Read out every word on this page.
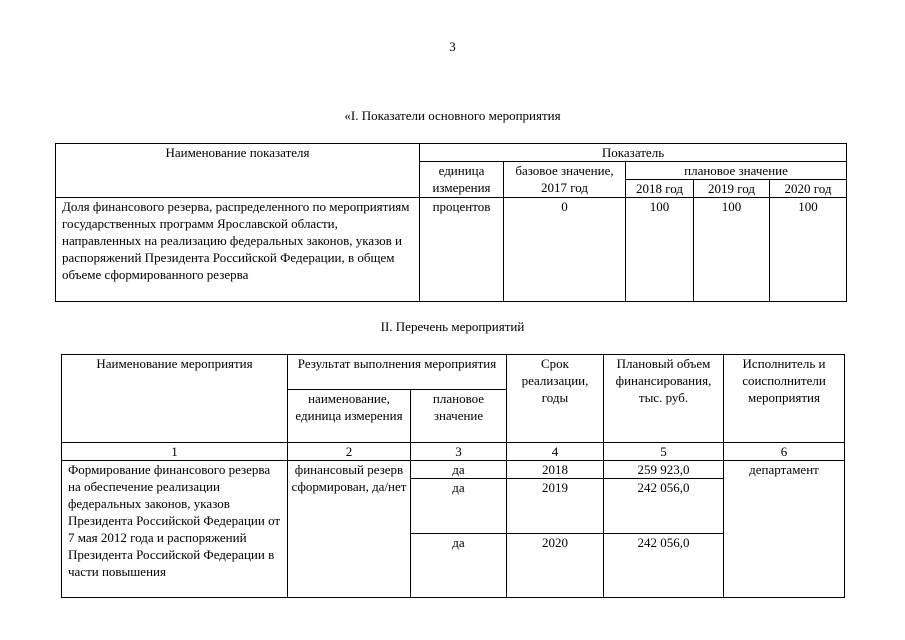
3
«I. Показатели основного мероприятия
Наименование показателя	Показатель				
	единица измерения	базовое значение, 2017 год	плановое значение		
			2018 год	2019 год	2020 год
Доля финансового резерва, распределенного по мероприятиям государственных программ Ярославской области, направленных на реализацию федеральных законов, указов и распоряжений Президента Российской Федерации, в общем объеме сформированного резерва	процентов	0	100	100	100
II. Перечень мероприятий
Наименование мероприятия	Результат выполнения мероприятия		Срок реализации, годы	Плановый объем финансирования, тыс. руб.	Исполнитель и соисполнители мероприятия
	наименование, единица измерения	плановое значение			
1	2	3	4	5	6
Формирование финансового резерва на обеспечение реализации федеральных законов, указов Президента Российской Федерации от 7 мая 2012 года и распоряжений Президента Российской Федерации в части повышения	финансовый резерв сформирован, да/нет	да	2018	259 923,0	департамент
		да	2019	242 056,0	
		да	2020	242 056,0	
